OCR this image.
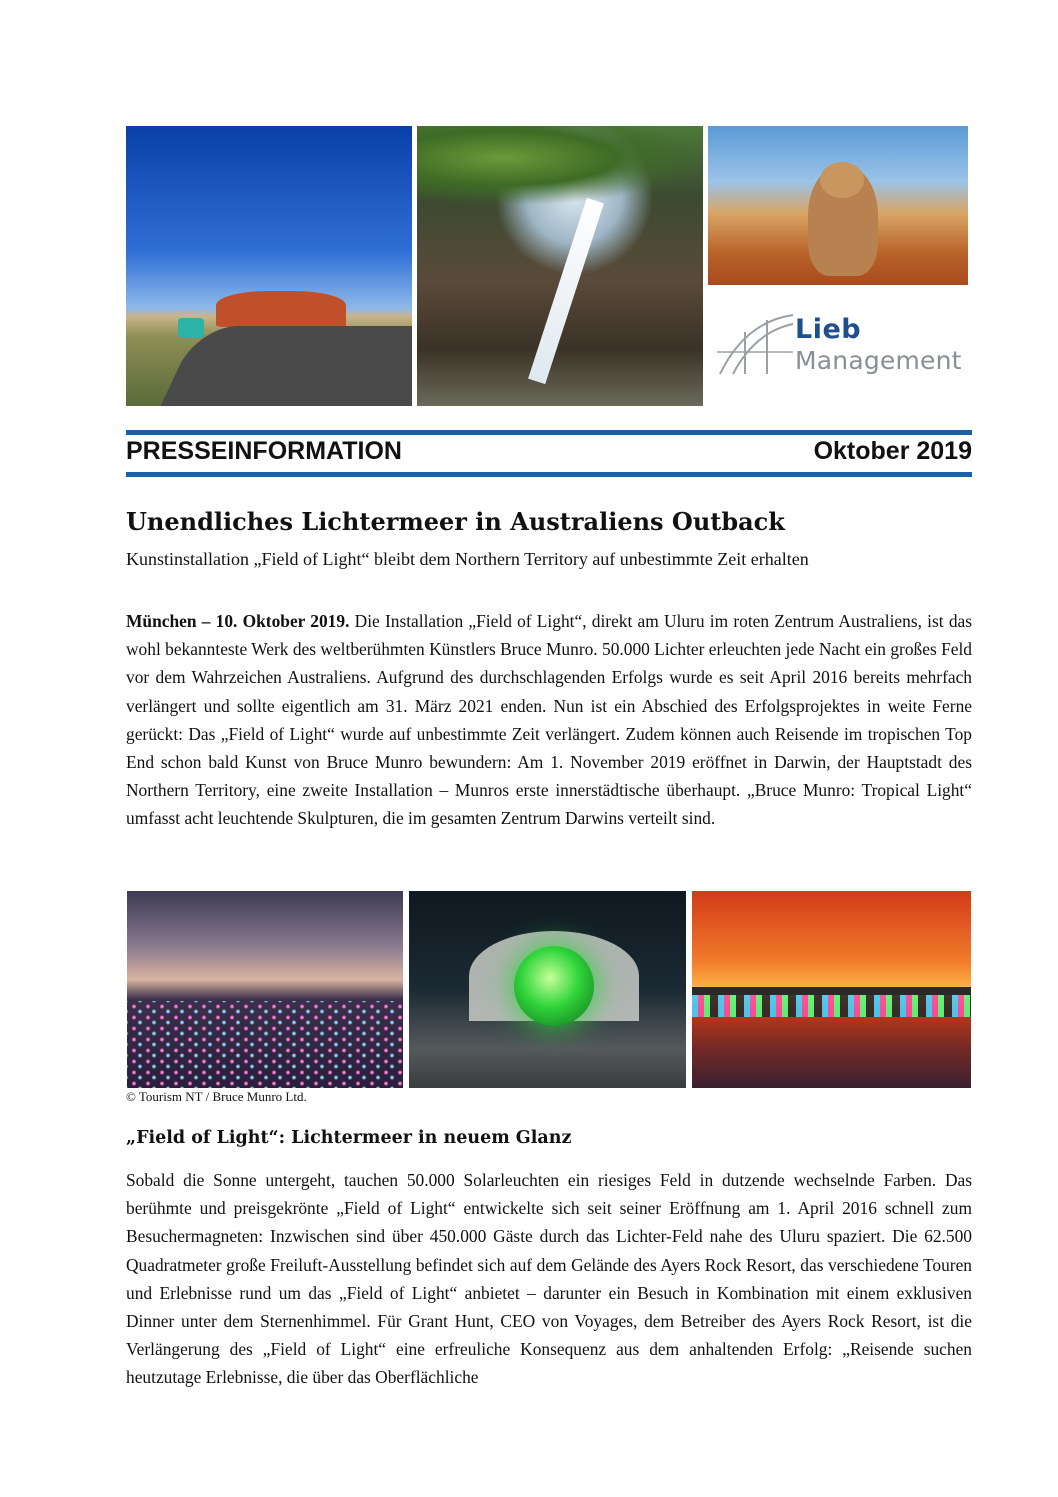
Lieb
Management
PRESSEINFORMATION	Oktober 2019
Unendliches Lichtermeer in Australiens Outback
Kunstinstallation „Field of Light“ bleibt dem Northern Territory auf unbestimmte Zeit erhalten
München – 10. Oktober 2019. Die Installation „Field of Light“, direkt am Uluru im roten Zentrum Australiens, ist das wohl bekannteste Werk des weltberühmten Künstlers Bruce Munro. 50.000 Lichter erleuchten jede Nacht ein großes Feld vor dem Wahrzeichen Australiens. Aufgrund des durchschlagenden Erfolgs wurde es seit April 2016 bereits mehrfach verlängert und sollte eigentlich am 31. März 2021 enden. Nun ist ein Abschied des Erfolgsprojektes in weite Ferne gerückt: Das „Field of Light“ wurde auf unbestimmte Zeit verlängert. Zudem können auch Reisende im tropischen Top End schon bald Kunst von Bruce Munro bewundern: Am 1. November 2019 eröffnet in Darwin, der Hauptstadt des Northern Territory, eine zweite Installation – Munros erste innerstädtische überhaupt. „Bruce Munro: Tropical Light“ umfasst acht leuchtende Skulpturen, die im gesamten Zentrum Darwins verteilt sind.
© Tourism NT / Bruce Munro Ltd.
„Field of Light“: Lichtermeer in neuem Glanz
Sobald die Sonne untergeht, tauchen 50.000 Solarleuchten ein riesiges Feld in dutzende wechselnde Farben. Das berühmte und preisgekrönte „Field of Light“ entwickelte sich seit seiner Eröffnung am 1. April 2016 schnell zum Besuchermagneten: Inzwischen sind über 450.000 Gäste durch das Lichter-Feld nahe des Uluru spaziert. Die 62.500 Quadratmeter große Freiluft-Ausstellung befindet sich auf dem Gelände des Ayers Rock Resort, das verschiedene Touren und Erlebnisse rund um das „Field of Light“ anbietet – darunter ein Besuch in Kombination mit einem exklusiven Dinner unter dem Sternenhimmel. Für Grant Hunt, CEO von Voyages, dem Betreiber des Ayers Rock Resort, ist die Verlängerung des „Field of Light“ eine erfreuliche Konsequenz aus dem anhaltenden Erfolg: „Reisende suchen heutzutage Erlebnisse, die über das Oberflächliche
